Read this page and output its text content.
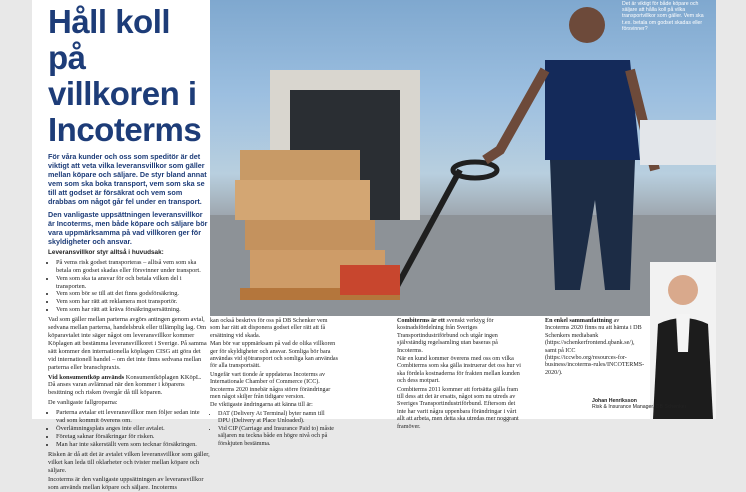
Håll koll på villkoren i Incoterms

För våra kunder och oss som speditör är det viktigt att veta vilka leveransvillkor som gäller mellan köpare och säljare. De styr bland annat vem som ska boka transport, vem som ska se till att godset är försäkrat och vem som drabbas om något går fel under en transport.

Den vanligaste uppsättningen leveransvillkor är Incoterms, men både köpare och säljare bör vara uppmärksamma på vad villkoren ger för skyldigheter och ansvar.

Leveransvillkor styr alltså i huvudsak:

• På vems risk godset transporteras – alltså vem som ska betala om godset skadas eller försvinner under transport.
• Vem som ska ta ansvar för och betala vilken del i transporten.
• Vem som bör se till att det finns godsförsäkring.
• Vem som har rätt att reklamera mot transportör.
• Vem som har rätt att kräva försäkringsersättning.

Vad som gäller mellan parterna avgörs antingen genom avtal, sedvana mellan parterna, handelsbruk eller tillämplig lag. Om köparavtalet inte säger något om leveransvillkor kommer Köplagen att bestämma leveransvillkoret i Sverige. På samma sätt kommer den internationella köplagen CISG att göra det vid internationell handel – om det inte finns sedvana mellan parterna eller branschpraxis.

Vid konsumentköp används Konsumentköplagen KKöpL. Då anses varan avlämnad när den kommer i köparens besittning och risken övergår då till köparen.

De vanligaste fallgroparna:

• Parterna avtalar ett leveransvillkor men följer sedan inte vad som kommit överens om.
• Överlämningsplats anges inte eller avtalet.
• Företag saknar försäkringar för risken.
• Man har inte säkerställt vem som tecknar försäkringen.

Risken är då att det är avtalet vilken leveransvillkor som gäller, vilket kan leda till oklarheter och tvister mellan köpare och säljare.

Incoterms är den vanligaste uppsättningen av leveransvillkor som används mellan köpare och säljare. Incoterms

Det är viktigt för både köpare och säljare att hålla koll på vilka transportvillkor som gäller. Vem ska t.ex. betala om godset skadas eller försvinner?

kan också beskrivs för oss på DB Schenker vem som har rätt att disponera godset eller rätt att få ersättning vid skada.

Man bör var uppmärksam på vad de olika villkoren ger för skyldigheter och ansvar. Somliga bör bara användas vid sjötransport och somliga kan användas för alla transportsätt.

Ungefär vart tionde år uppdateras Incoterms av Internationale Chamber of Commerce (ICC). Incoterms 2020 innebär några större förändringar men något skiljer från tidigare version.

De viktigaste ändringarna att känna till är:

• DAT (Delivery At Terminal) byter namn till DPU (Delivery at Place Unloaded).
• Vid CIP (Carriage and Insurance Paid to) måste säljaren nu teckna både en högre nivå och på förskjuten bestämma.

Combiterms är ett svenskt verktyg för kostnadsfördelning från Sveriges Transportindustriförbund och utgår ingen självständig regelsamling utan baseras på Incoterms.

När en kund kommer överens med oss om vilka Combiterms som ska gälla instruerar det oss hur vi ska fördela kostnaderna för frakten mellan kunden och dess motpart.

Combiterms 2011 kommer att fortsätta gälla fram till dess att det är ersatts, något som nu utreds av Sveriges Transportindustriförbund. Eftersom det inte har varit några uppenbara förändringar i vårt allt att arbeta, men detta ska utredas mer noggrant framöver.

En enkel sammanfattning av Incoterms 2020 finns nu att hämta i DB Schenkers mediabank (https://schenkerfrontend.qbank.se/), samt på ICC (https://iccwbo.org/resources-for-business/incoterms-rules/INCOTERMS-2020/).

Johan Henriksson
Risk & Insurance Manager, DB Schenker
